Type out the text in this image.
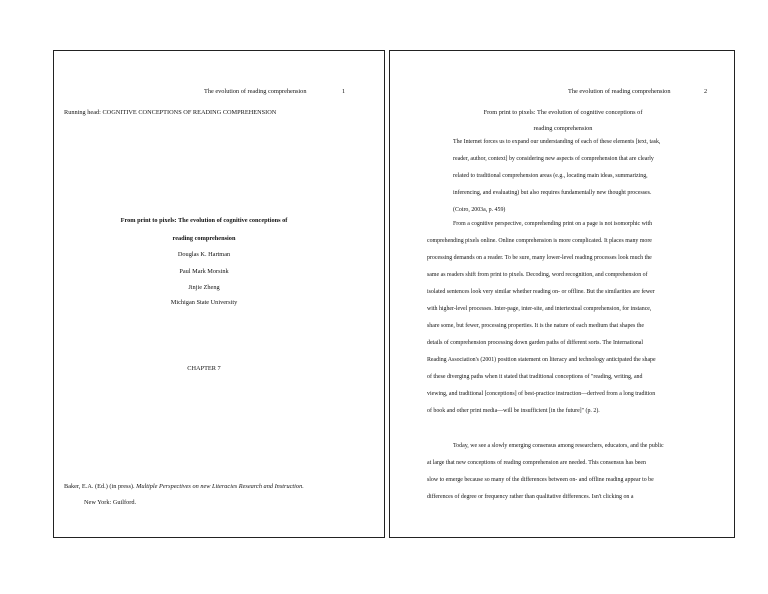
The evolution of reading comprehension	1
Running head: COGNITIVE CONCEPTIONS OF READING COMPREHENSION
From print to pixels: The evolution of cognitive conceptions of
reading comprehension
Douglas K. Hartman
Paul Mark Morsink
Jinjie Zheng
Michigan State University
CHAPTER 7
Baker, E.A. (Ed.) (in press). Multiple Perspectives on new Literacies Research and Instruction.
New York: Guilford.
The evolution of reading comprehension	2
From print to pixels: The evolution of cognitive conceptions of
reading comprehension
The Internet forces us to expand our understanding of each of these elements [text, task,
reader, author, context] by considering new aspects of comprehension that are clearly
related to traditional comprehension areas (e.g., locating main ideas, summarizing,
inferencing, and evaluating) but also requires fundamentally new thought processes.
(Coiro, 2003a, p. 459)
From a cognitive perspective, comprehending print on a page is not isomorphic with
comprehending pixels online. Online comprehension is more complicated. It places many more
processing demands on a reader. To be sure, many lower-level reading processes look much the
same as readers shift from print to pixels. Decoding, word recognition, and comprehension of
isolated sentences look very similar whether reading on- or offline. But the similarities are fewer
with higher-level processes. Inter-page, inter-site, and intertextual comprehension, for instance,
share some, but fewer, processing properties. It is the nature of each medium that shapes the
details of comprehension processing down garden paths of different sorts. The International
Reading Association's (2001) position statement on literacy and technology anticipated the shape
of these diverging paths when it stated that traditional conceptions of "reading, writing, and
viewing, and traditional [conceptions] of best-practice instruction—derived from a long tradition
of book and other print media—will be insufficient [in the future]" (p. 2).
Today, we see a slowly emerging consensus among researchers, educators, and the public
at large that new conceptions of reading comprehension are needed. This consensus has been
slow to emerge because so many of the differences between on- and offline reading appear to be
differences of degree or frequency rather than qualitative differences. Isn't clicking on a
